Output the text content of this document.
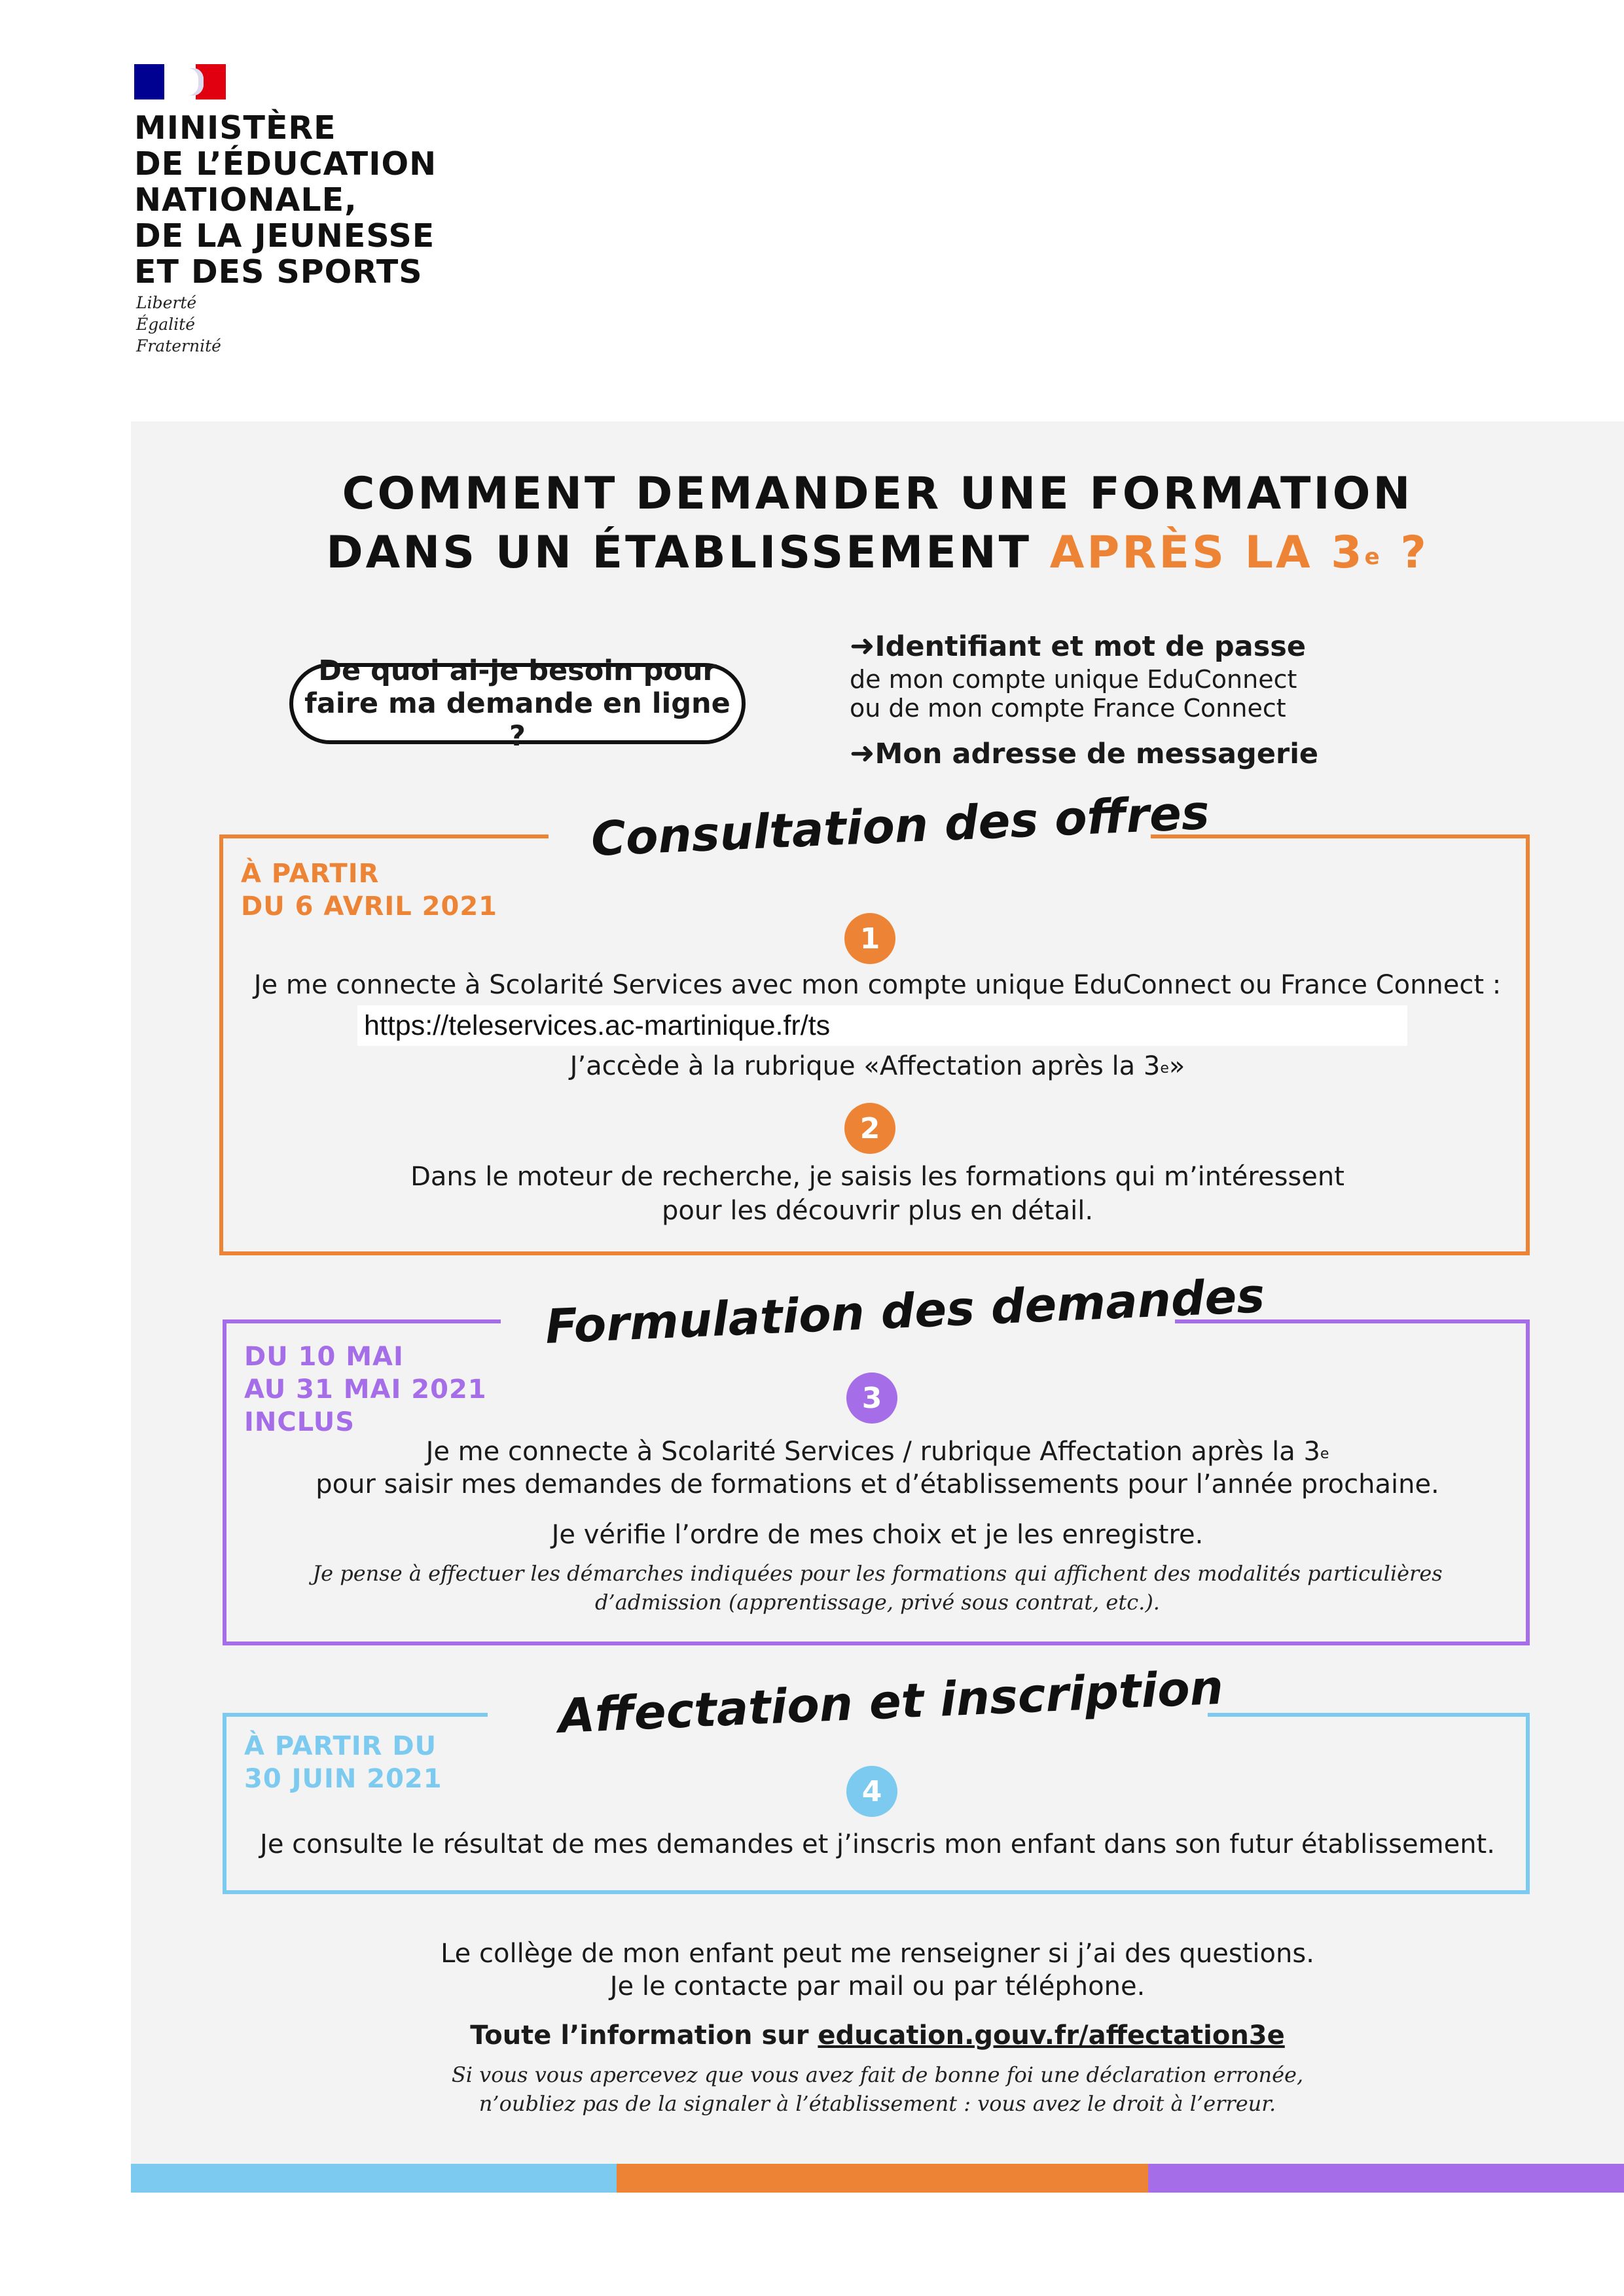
MINISTÈRE
DE L’ÉDUCATION
NATIONALE,
DE LA JEUNESSE
ET DES SPORTS
Liberté
Égalité
Fraternité
COMMENT DEMANDER UNE FORMATION
DANS UN ÉTABLISSEMENT APRÈS LA 3e ?
De quoi ai-je besoin pour
faire ma demande en ligne ?
➜Identifiant et mot de passe
de mon compte unique EduConnect
ou de mon compte France Connect
➜Mon adresse de messagerie
Consultation des offres
À PARTIR
DU 6 AVRIL 2021
1
Je me connecte à Scolarité Services avec mon compte unique EduConnect ou France Connect :
https://teleservices.ac-martinique.fr/ts
J’accède à la rubrique «Affectation après la 3e»
2
Dans le moteur de recherche, je saisis les formations qui m’intéressent
pour les découvrir plus en détail.
Formulation des demandes
DU 10 MAI
AU 31 MAI 2021
INCLUS
3
Je me connecte à Scolarité Services / rubrique Affectation après la 3e
pour saisir mes demandes de formations et d’établissements pour l’année prochaine.
Je vérifie l’ordre de mes choix et je les enregistre.
Je pense à effectuer les démarches indiquées pour les formations qui affichent des modalités particulières
d’admission (apprentissage, privé sous contrat, etc.).
Affectation et inscription
À PARTIR DU
30 JUIN 2021	4
Je consulte le résultat de mes demandes et j’inscris mon enfant dans son futur établissement.
Le collège de mon enfant peut me renseigner si j’ai des questions.
Je le contacte par mail ou par téléphone.
Toute l’information sur education.gouv.fr/affectation3e
Si vous vous apercevez que vous avez fait de bonne foi une déclaration erronée,
n’oubliez pas de la signaler à l’établissement : vous avez le droit à l’erreur.
